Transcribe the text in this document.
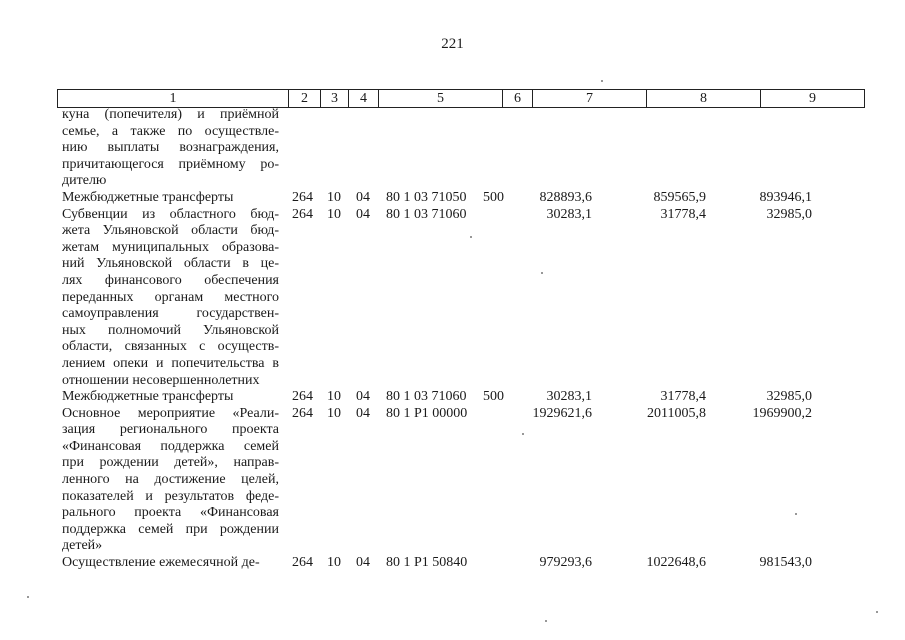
221
1	2	3	4	5	6	7	8	9
куна (попечителя) и приёмной
семье, а также по осуществле-
нию выплаты вознаграждения,
причитающегося приёмному ро-
дителю
Межбюджетные трансферты	264 10 04 80 1 03 71050 500	828893,6	859565,9	893946,1
Субвенции из областного бюд-
жета Ульяновской области бюд-
жетам муниципальных образова-
ний Ульяновской области в це-
лях финансового обеспечения
переданных органам местного
самоуправления государствен-
ных полномочий Ульяновской
области, связанных с осуществ-
лением опеки и попечительства в
отношении несовершеннолетних
264 10 04 80 1 03 71060	30283,1	31778,4	32985,0
Межбюджетные трансферты	264 10 04 80 1 03 71060 500	30283,1	31778,4	32985,0
Основное мероприятие «Реали-
зация регионального проекта
«Финансовая поддержка семей
при рождении детей», направ-
ленного на достижение целей,
показателей и результатов феде-
рального проекта «Финансовая
поддержка семей при рождении
детей»
264 10 04 80 1 P1 00000	1929621,6	2011005,8	1969900,2
Осуществление ежемесячной де-	264 10 04 80 1 P1 50840	979293,6	1022648,6	981543,0
